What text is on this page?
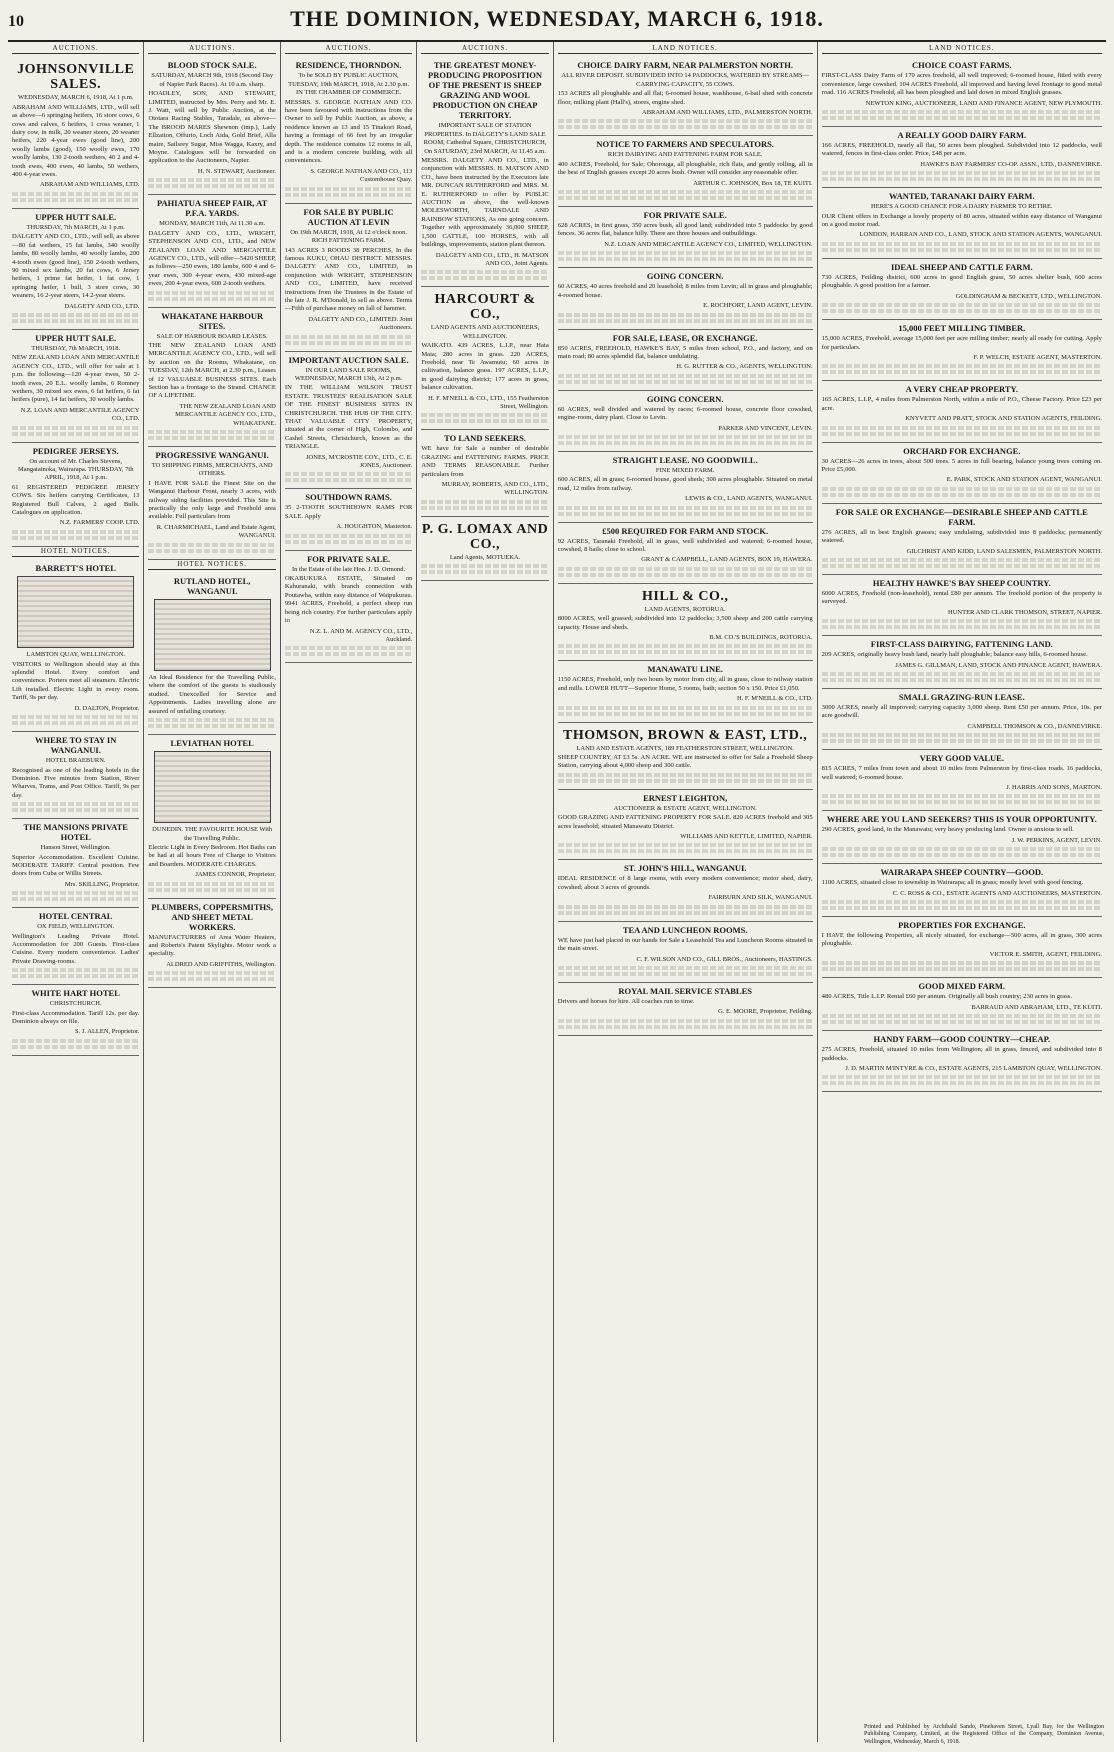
10	THE DOMINION, WEDNESDAY, MARCH 6, 1918.
AUCTIONS.
JOHNSONVILLE SALES.
WEDNESDAY, MARCH 6, 1918, At 1 p.m.

ABRAHAM AND WILLIAMS, LTD., will sell as above—6 springing heifers, 16 store cows, 6 cows and calves, 6 heifers, 1 cross weaner, 1 dairy cow, in milk, 20 weaner steers, 20 weaner heifers, 220 4-year ewes (good line), 200 woolly lambs (good), 150 woolly ewes, 170 woolly lambs, 130 2-tooth wethers, 40 2 and 4-tooth ewes, 400 ewes, 40 lambs, 50 wethers, 400 4-year ewes.

ABRAHAM AND WILLIAMS, LTD.
UPPER HUTT SALE.
THURSDAY, 7th MARCH, At 1 p.m.

DALGETY AND CO., LTD., will sell, as above—80 fat wethers, 15 fat lambs, 340 woolly lambs, 80 woolly lambs, 40 woolly lambs, 200 4-tooth ewes (good line), 150 2-tooth wethers, 90 mixed sex lambs, 20 fat cows, 6 Jersey heifers, 1 prime fat heifer, 1 fat cow, 1 springing heifer, 1 bull, 3 store cows, 30 weaners, 16 2-year steers, 14 2-year steers.

DALGETY AND CO., LTD.
UPPER HUTT SALE.
THURSDAY, 7th MARCH, 1918.

NEW ZEALAND LOAN AND MERCANTILE AGENCY CO., LTD., will offer for sale at 1 p.m. the following—120 4-year ewes, 50 2-tooth ewes, 20 E.L. woolly lambs, 6 Romney wethers, 30 mixed sex ewes, 6 fat heifers, 6 fat heifers (pure), 14 fat heifers, 30 woolly lambs.

N.Z. LOAN AND MERCANTILE AGENCY CO., LTD.
PEDIGREE JERSEYS.
On account of Mr. Charles Stevens, Mangatainoka, Wairarapa. THURSDAY, 7th APRIL, 1918, At 1 p.m.

61 REGISTERED PEDIGREE JERSEY COWS. Six heifers carrying Certificates, 13 Registered Bull Calves, 2 aged Bulls. Catalogues on application.

N.Z. FARMERS' COOP. LTD.
HOTEL NOTICES.
BARRETT'S HOTEL
LAMBTON QUAY, WELLINGTON.

VISITORS to Wellington should stay at this splendid Hotel. Every comfort and convenience. Porters meet all steamers. Electric Lift installed. Electric Light in every room. Tariff, 9s per day.

D. DALTON, Proprietor.
WHERE TO STAY IN WANGANUI.
HOTEL BRAEBURN.

Recognised as one of the leading hotels in the Dominion. Five minutes from Station, River Wharves, Trams, and Post Office. Tariff, 9s per day.

THE MANSIONS PRIVATE HOTEL
Hanson Street, Wellington.

Superior Accommodation. Excellent Cuisine. MODERATE TARIFF. Central position. Few doors from Cuba or Willis Streets.

Mrs. SKILLING, Proprietor.
HOTEL CENTRAL
OX FIELD, WELLINGTON.

Wellington's Leading Private Hotel. Accommodation for 200 Guests. First-class Cuisine. Every modern convenience. Ladies' Private Drawing-rooms.

WHITE HART HOTEL
CHRISTCHURCH.

First-class Accommodation. Tariff 12s. per day. Dominion always on file.

S. J. ALLEN, Proprietor.
AUCTIONS.
BLOOD STOCK SALE.
SATURDAY, MARCH 9th, 1918 (Second Day of Napier Park Races). At 10 a.m. sharp.

HOADLEY, SON, AND STEWART, LIMITED, instructed by Mrs. Perry and Mr. E. J. Watt, will sell by Public Auction, at the Ototara Racing Stables, Taradale, as above—The BROOD MARES Shewnon (imp.), Lady Ellzaiton, Offurio, Loch Aida, Gold Brief, Alla maire, Sailsrey Sugar, Miss Wagga, Kaxry, and Moyne. Catalogues will be forwarded on application to the Auctioneers, Napier.

H. N. STEWART, Auctioneer.
PAHIATUA SHEEP FAIR, AT P.F.A. YARDS.
MONDAY, MARCH 11th, At 11.30 a.m.

DALGETY AND CO., LTD., WRIGHT, STEPHENSON AND CO., LTD., and NEW ZEALAND LOAN AND MERCANTILE AGENCY CO., LTD., will offer—5420 SHEEP, as follows—250 ewes, 180 lambs, 600 4 and 6-year ewes, 300 4-year ewes, 430 mixed-age ewes, 200 4-year ewes, 600 2-tooth wethers.

WHAKATANE HARBOUR SITES.
SALE OF HARBOUR BOARD LEASES.

THE NEW ZEALAND LOAN AND MERCANTILE AGENCY CO., LTD., will sell by auction on the Rooms, Whakatane, on TUESDAY, 12th MARCH, at 2.30 p.m., Leases of 12 VALUABLE BUSINESS SITES. Each Section has a frontage to the Strand. CHANCE OF A LIFETIME.

THE NEW ZEALAND LOAN AND MERCANTILE AGENCY CO., LTD., WHAKATANE.
PROGRESSIVE WANGANUI.
TO SHIPPING FIRMS, MERCHANTS, AND OTHERS.

I HAVE FOR SALE the Finest Site on the Wanganui Harbour Front, nearly 3 acres, with railway siding facilities provided. This Site is practically the only large and Freehold area available. Full particulars from

R. CHARMICHAEL, Land and Estate Agent, WANGANUI.
HOTEL NOTICES.
RUTLAND HOTEL, WANGANUI.

An Ideal Residence for the Travelling Public, where the comfort of the guests is studiously studied. Unexcelled for Service and Appointments. Ladies travelling alone are assured of unfailing courtesy.

LEVIATHAN HOTEL
DUNEDIN. THE FAVOURITE HOUSE With the Travelling Public.

Electric Light in Every Bedroom. Hot Baths can be had at all hours Free of Charge to Visitors and Boarders. MODERATE CHARGES.

JAMES CONNOR, Proprietor.
PLUMBERS, COPPERSMITHS, AND SHEET METAL WORKERS.

MANUFACTURERS of Area Water Heaters, and Roberts's Patent Skylights. Motor work a speciality.

ALDRED AND GRIFFITHS, Wellington.
AUCTIONS.
RESIDENCE, THORNDON.
To be SOLD BY PUBLIC AUCTION, TUESDAY, 19th MARCH, 1918, At 2.30 p.m. IN THE CHAMBER OF COMMERCE.

MESSRS. S. GEORGE NATHAN AND CO. have been favoured with instructions from the Owner to sell by Public Auction, as above, a residence known as 13 and 15 Tinakori Road, having a frontage of 66 feet by an irregular depth. The residence contains 12 rooms in all, and is a modern concrete building, with all conveniences.

S. GEORGE NATHAN AND CO., 113 Customhouse Quay.
FOR SALE BY PUBLIC AUCTION AT LEVIN
On 19th MARCH, 1918, At 12 o'clock noon. RICH FATTENING FARM.

143 ACRES 3 ROODS 38 PERCHES, In the famous KUKU, OHAU DISTRICT. MESSRS. DALGETY AND CO., LIMITED, in conjunction with WRIGHT, STEPHENSON AND CO., LIMITED, have received instructions from the Trustees in the Estate of the late J. R. M'Donald, to sell as above. Terms—Fifth of purchase money on fall of hammer.

DALGETY AND CO., LIMITED. Joint Auctioneers.
IMPORTANT AUCTION SALE.
IN OUR LAND SALE ROOMS, WEDNESDAY, MARCH 13th, At 2 p.m.

IN THE WILLIAM WILSON TRUST ESTATE. TRUSTEES' REALISATION SALE OF THE FINEST BUSINESS SITES IN CHRISTCHURCH. THE HUB OF THE CITY. THAT VALUABLE CITY PROPERTY, situated at the corner of High, Colombo, and Cashel Streets, Christchurch, known as the TRIANGLE.

JONES, M'CROSTIE COY., LTD., C. E. JONES, Auctioneer.
SOUTHDOWN RAMS.

35 2-TOOTH SOUTHDOWN RAMS FOR SALE. Apply

A. HOUGHTON, Masterton.
FOR PRIVATE SALE.
In the Estate of the late Hon. J. D. Ormond.

OKABUKURA ESTATE, Situated on Kahuranaki, with branch connection with Poutawha, within easy distance of Waipukurau. 9941 ACRES, Freehold, a perfect sheep run being rich country. For further particulars apply to

N.Z. L. AND M. AGENCY CO., LTD., Auckland.
AUCTIONS.
THE GREATEST MONEY-PRODUCING PROPOSITION OF THE PRESENT IS SHEEP GRAZING AND WOOL PRODUCTION ON CHEAP TERRITORY.
IMPORTANT SALE OF STATION PROPERTIES. In DALGETY'S LAND SALE ROOM, Cathedral Square, CHRISTCHURCH, On SATURDAY, 23rd MARCH, At 11.45 a.m.

MESSRS. DALGETY AND CO., LTD., in conjunction with MESSRS. H. MATSON AND CO., have been instructed by the Executors late MR. DUNCAN RUTHERFORD and MRS. M. E. RUTHERFORD to offer by PUBLIC AUCTION as above, the well-known MOLESWORTH, TARNDALE AND RAINBOW STATIONS, As one going concern. Together with approximately 36,000 SHEEP, 1,500 CATTLE, 100 HORSES, with all buildings, improvements, station plant thereon.

DALGETY AND CO., LTD., H. MATSON AND CO., Joint Agents.
HARCOURT & CO.,
LAND AGENTS AND AUCTIONEERS, WELLINGTON.

WAIKATO. 439 ACRES, L.I.P., near Hata Maia; 280 acres in grass. 220 ACRES, Freehold, near Te Awamutu; 60 acres in cultivation, balance grass. 197 ACRES, L.I.P., in good dairying district; 177 acres in grass, balance cultivation.

H. F. M'NEILL & CO., LTD., 155 Featherston Street, Wellington.
TO LAND SEEKERS.

WE have for Sale a number of desirable GRAZING and FATTENING FARMS. PRICE AND TERMS REASONABLE. Further particulars from

MURRAY, ROBERTS, AND CO., LTD., WELLINGTON.
P. G. LOMAX AND CO.,
Land Agents, MOTUEKA.
LAND NOTICES.
CHOICE DAIRY FARM, NEAR PALMERSTON NORTH.
ALL RIVER DEPOSIT. SUBDIVIDED INTO 14 PADDOCKS, WATERED BY STREAMS—CARRYING CAPACITY, 55 COWS.

153 ACRES all ploughable and all flat; 6-roomed house, washhouse, 6-bail shed with concrete floor, milking plant (Hall's), stores, engine shed.

ABRAHAM AND WILLIAMS, LTD., PALMERSTON NORTH.
NOTICE TO FARMERS AND SPECULATORS.
RICH DAIRYING AND FATTENING FARM FOR SALE.

400 ACRES, Freehold, for Sale; Ohorouga, all ploughable, rich flats, and gently rolling, all in the best of English grasses except 20 acres bush. Owner will consider any reasonable offer.

ARTHUR C. JOHNSON, Box 18, TE KUITI.
FOR PRIVATE SALE.

628 ACRES, in first grass, 350 acres bush, all good land; subdivided into 5 paddocks by good fences. 36 acres flat, balance hilly. There are three houses and outbuildings.

N.Z. LOAN AND MERCANTILE AGENCY CO., LIMITED, WELLINGTON.
GOING CONCERN.

60 ACRES, 40 acres freehold and 20 leasehold; 8 miles from Levin; all in grass and ploughable; 4-roomed house.

E. ROCHFORT, LAND AGENT, LEVIN.
FOR SALE, LEASE, OR EXCHANGE.

850 ACRES, FREEHOLD, HAWKE'S BAY, 5 miles from school, P.O., and factory, and on main road; 80 acres splendid flat, balance undulating.

H. G. RUTTER & CO., AGENTS, WELLINGTON.
GOING CONCERN.

60 ACRES, well divided and watered by races; 6-roomed house, concrete floor cowshed, engine-room, dairy plant. Close to Levin.

PARKER AND VINCENT, LEVIN.
STRAIGHT LEASE. NO GOODWILL.
FINE MIXED FARM.

600 ACRES, all in grass; 6-roomed house, good sheds; 300 acres ploughable. Situated on metal road, 12 miles from railway.

LEWIS & CO., LAND AGENTS, WANGANUI.
£500 REQUIRED FOR FARM AND STOCK.

92 ACRES, Taranaki Freehold, all in grass, well subdivided and watered; 6-roomed house, cowshed, 8 bails; close to school.

GRANT & CAMPBELL, LAND AGENTS, BOX 19, HAWERA.
HILL & CO.,
LAND AGENTS, ROTORUA.

8000 ACRES, well grassed; subdivided into 12 paddocks; 3,500 sheep and 200 cattle carrying capacity. House and sheds.

B.M. CO.'S BUILDINGS, ROTORUA.
MANAWATU LINE.

1150 ACRES, Freehold, only two hours by motor from city, all in grass, close to railway station and mills. LOWER HUTT—Superior Home, 5 rooms, bath; section 50 x 150. Price £1,050.

H. F. M'NEILL & CO., LTD.
THOMSON, BROWN & EAST, LTD.,
LAND AND ESTATE AGENTS, 189 FEATHERSTON STREET, WELLINGTON.

SHEEP COUNTRY, AT £3 5s. AN ACRE. WE are instructed to offer for Sale a Freehold Sheep Station, carrying about 4,000 sheep and 300 cattle.

ERNEST LEIGHTON,
AUCTIONEER & ESTATE AGENT, WELLINGTON.

GOOD GRAZING AND FATTENING PROPERTY FOR SALE. 820 ACRES freehold and 305 acres leasehold; situated Manawatu District.

WILLIAMS AND KETTLE, LIMITED, NAPIER.
ST. JOHN'S HILL, WANGANUI.

IDEAL RESIDENCE of 8 large rooms, with every modern convenience; motor shed, dairy, cowshed; about 3 acres of grounds.

FAIRBURN AND SILK, WANGANUI.
TEA AND LUNCHEON ROOMS.

WE have just had placed in our hands for Sale a Leasehold Tea and Luncheon Rooms situated in the main street.

C. F. WILSON AND CO., GILL BROS., Auctioneers, HASTINGS.
ROYAL MAIL SERVICE STABLES

Drivers and horses for hire. All coaches run to time.

G. E. MOORE, Proprietor, Feilding.
LAND NOTICES.
CHOICE COAST FARMS.

FIRST-CLASS Dairy Farm of 170 acres freehold, all well improved; 6-roomed house, fitted with every convenience, large cowshed. 104 ACRES Freehold, all improved and having level frontage to good metal road. 116 ACRES Freehold, all has been ploughed and laid down in mixed English grasses.

NEWTON KING, AUCTIONEER, LAND AND FINANCE AGENT, NEW PLYMOUTH.
A REALLY GOOD DAIRY FARM.

166 ACRES, FREEHOLD, nearly all flat, 50 acres been ploughed. Subdivided into 12 paddocks, well watered, fences in first-class order. Price, £48 per acre.

HAWKE'S BAY FARMERS' CO-OP. ASSN., LTD., DANNEVIRKE.
WANTED, TARANAKI DAIRY FARM.
HERE'S A GOOD CHANCE FOR A DAIRY FARMER TO RETIRE.

OUR Client offers in Exchange a lovely property of 80 acres, situated within easy distance of Wanganui on a good motor road.

LONDON, HARRAN AND CO., LAND, STOCK AND STATION AGENTS, WANGANUI.
IDEAL SHEEP AND CATTLE FARM.

730 ACRES, Feilding district, 600 acres in good English grass, 50 acres shelter bush, 600 acres ploughable. A good position for a farmer.

GOLDINGHAM & BECKETT, LTD., WELLINGTON.
15,000 FEET MILLING TIMBER.

15,000 ACRES, Freehold, average 15,000 feet per acre milling timber; nearly all ready for cutting. Apply for particulars.

F. P. WELCH, ESTATE AGENT, MASTERTON.
A VERY CHEAP PROPERTY.

165 ACRES, L.I.P., 4 miles from Palmerston North, within a mile of P.O., Cheese Factory. Price £23 per acre.

KNYVETT AND PRATT, STOCK AND STATION AGENTS, FEILDING.
ORCHARD FOR EXCHANGE.

30 ACRES—26 acres in trees, about 500 trees. 5 acres in full bearing, balance young trees coming on. Price £5,000.

E. PARK, STOCK AND STATION AGENT, WANGANUI.
FOR SALE OR EXCHANGE—DESIRABLE SHEEP AND CATTLE FARM.

276 ACRES, all in best English grasses; easy undulating, subdivided into 8 paddocks; permanently watered.

GILCHRIST AND KIDD, LAND SALESMEN, PALMERSTON NORTH.
HEALTHY HAWKE'S BAY SHEEP COUNTRY.

6000 ACRES, Freehold (non-leasehold), rental £80 per annum. The freehold portion of the property is surveyed.

HUNTER AND CLARK THOMSON, STREET, NAPIER.
FIRST-CLASS DAIRYING, FATTENING LAND.

209 ACRES, originally heavy bush land, nearly half ploughable; balance easy hills, 6-roomed house.

JAMES G. GILLMAN, LAND, STOCK AND FINANCE AGENT, HAWERA.
SMALL GRAZING-RUN LEASE.

3000 ACRES, nearly all improved; carrying capacity 3,000 sheep. Rent £50 per annum. Price, 10s. per acre goodwill.

CAMPBELL THOMSON & CO., DANNEVIRKE.
VERY GOOD VALUE.

815 ACRES, 7 miles from town and about 10 miles from Palmerston by first-class roads. 16 paddocks, well watered; 6-roomed house.

J. HARRIS AND SONS, MARTON.
WHERE ARE YOU LAND SEEKERS? THIS IS YOUR OPPORTUNITY.

290 ACRES, good land, in the Manawatu; very heavy producing land. Owner is anxious to sell.

J. W. PERKINS, AGENT, LEVIN.
WAIRARAPA SHEEP COUNTRY—GOOD.

1100 ACRES, situated close to township in Wairarapa; all in grass; mostly level with good fencing.

C. C. ROSS & CO., ESTATE AGENTS AND AUCTIONEERS, MASTERTON.
PROPERTIES FOR EXCHANGE.

I HAVE the following Properties, all nicely situated, for exchange—500 acres, all in grass, 300 acres ploughable.

VICTOR E. SMITH, AGENT, FEILDING.
GOOD MIXED FARM.

480 ACRES, Title L.I.P. Rental £60 per annum. Originally all bush country; 230 acres in grass.

BARRAUD AND ABRAHAM, LTD., TE KUITI.
HANDY FARM—GOOD COUNTRY—CHEAP.

275 ACRES, Freehold, situated 10 miles from Wellington; all in grass, fenced, and subdivided into 8 paddocks.

J. D. MARTIN M'INTYRE & CO., ESTATE AGENTS, 215 LAMBTON QUAY, WELLINGTON.
Printed and Published by Archibald Sando, Pinehaven Street, Lyall Bay, for the Wellington Publishing Company, Limited, at the Registered Office of the Company, Dominion Avenue, Wellington, Wednesday, March 6, 1918.
